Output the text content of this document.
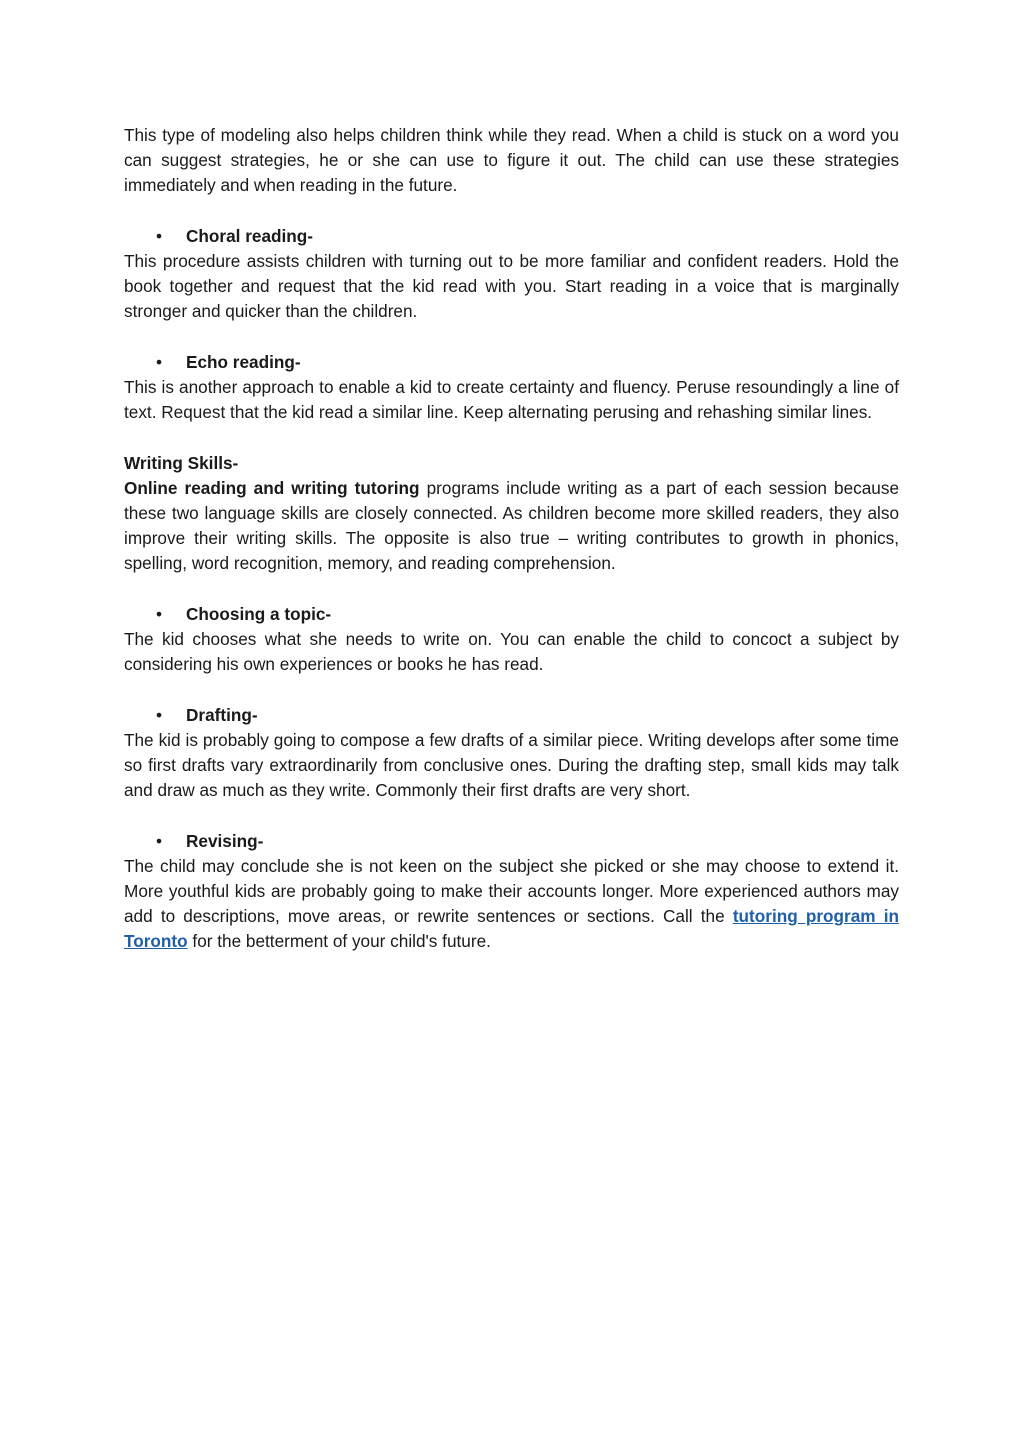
This type of modeling also helps children think while they read. When a child is stuck on a word you can suggest strategies, he or she can use to figure it out. The child can use these strategies immediately and when reading in the future.

• Choral reading-

This procedure assists children with turning out to be more familiar and confident readers. Hold the book together and request that the kid read with you. Start reading in a voice that is marginally stronger and quicker than the children.

• Echo reading-

This is another approach to enable a kid to create certainty and fluency. Peruse resoundingly a line of text. Request that the kid read a similar line. Keep alternating perusing and rehashing similar lines.

Writing Skills-

Online reading and writing tutoring programs include writing as a part of each session because these two language skills are closely connected. As children become more skilled readers, they also improve their writing skills. The opposite is also true – writing contributes to growth in phonics, spelling, word recognition, memory, and reading comprehension.

• Choosing a topic-

The kid chooses what she needs to write on. You can enable the child to concoct a subject by considering his own experiences or books he has read.

• Drafting-

The kid is probably going to compose a few drafts of a similar piece. Writing develops after some time so first drafts vary extraordinarily from conclusive ones. During the drafting step, small kids may talk and draw as much as they write. Commonly their first drafts are very short.

• Revising-

The child may conclude she is not keen on the subject she picked or she may choose to extend it. More youthful kids are probably going to make their accounts longer. More experienced authors may add to descriptions, move areas, or rewrite sentences or sections. Call the tutoring program in Toronto for the betterment of your child's future.
